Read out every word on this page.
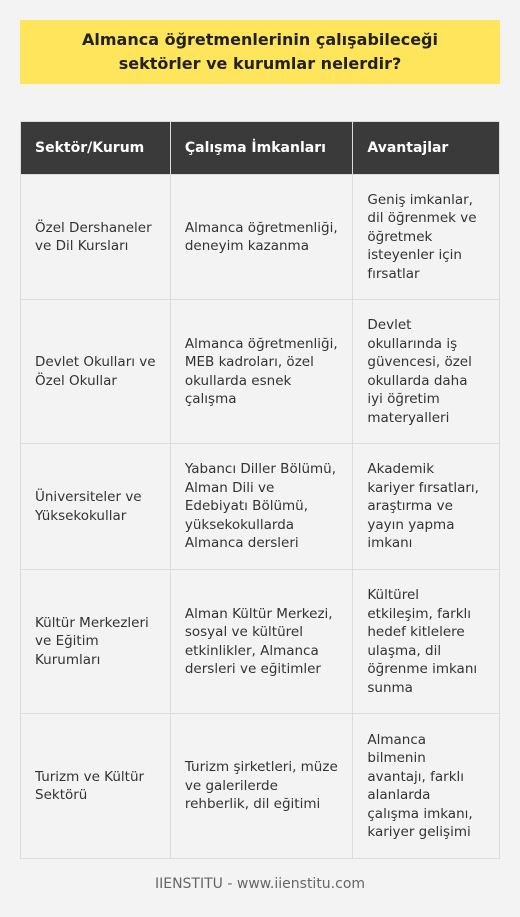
Almanca öğretmenlerinin çalışabileceği sektörler ve kurumlar nelerdir?
Sektör/Kurum	Çalışma İmkanları	Avantajlar
Özel Dershaneler ve Dil Kursları	Almanca öğretmenliği, deneyim kazanma	Geniş imkanlar, dil öğrenmek ve öğretmek isteyenler için fırsatlar
Devlet Okulları ve Özel Okullar	Almanca öğretmenliği, MEB kadroları, özel okullarda esnek çalışma	Devlet okullarında iş güvencesi, özel okullarda daha iyi öğretim materyalleri
Üniversiteler ve Yüksekokullar	Yabancı Diller Bölümü, Alman Dili ve Edebiyatı Bölümü, yüksekokullarda Almanca dersleri	Akademik kariyer fırsatları, araştırma ve yayın yapma imkanı
Kültür Merkezleri ve Eğitim Kurumları	Alman Kültür Merkezi, sosyal ve kültürel etkinlikler, Almanca dersleri ve eğitimler	Kültürel etkileşim, farklı hedef kitlelere ulaşma, dil öğrenme imkanı sunma
Turizm ve Kültür Sektörü	Turizm şirketleri, müze ve galerilerde rehberlik, dil eğitimi	Almanca bilmenin avantajı, farklı alanlarda çalışma imkanı, kariyer gelişimi
IIENSTITU - www.iienstitu.com
